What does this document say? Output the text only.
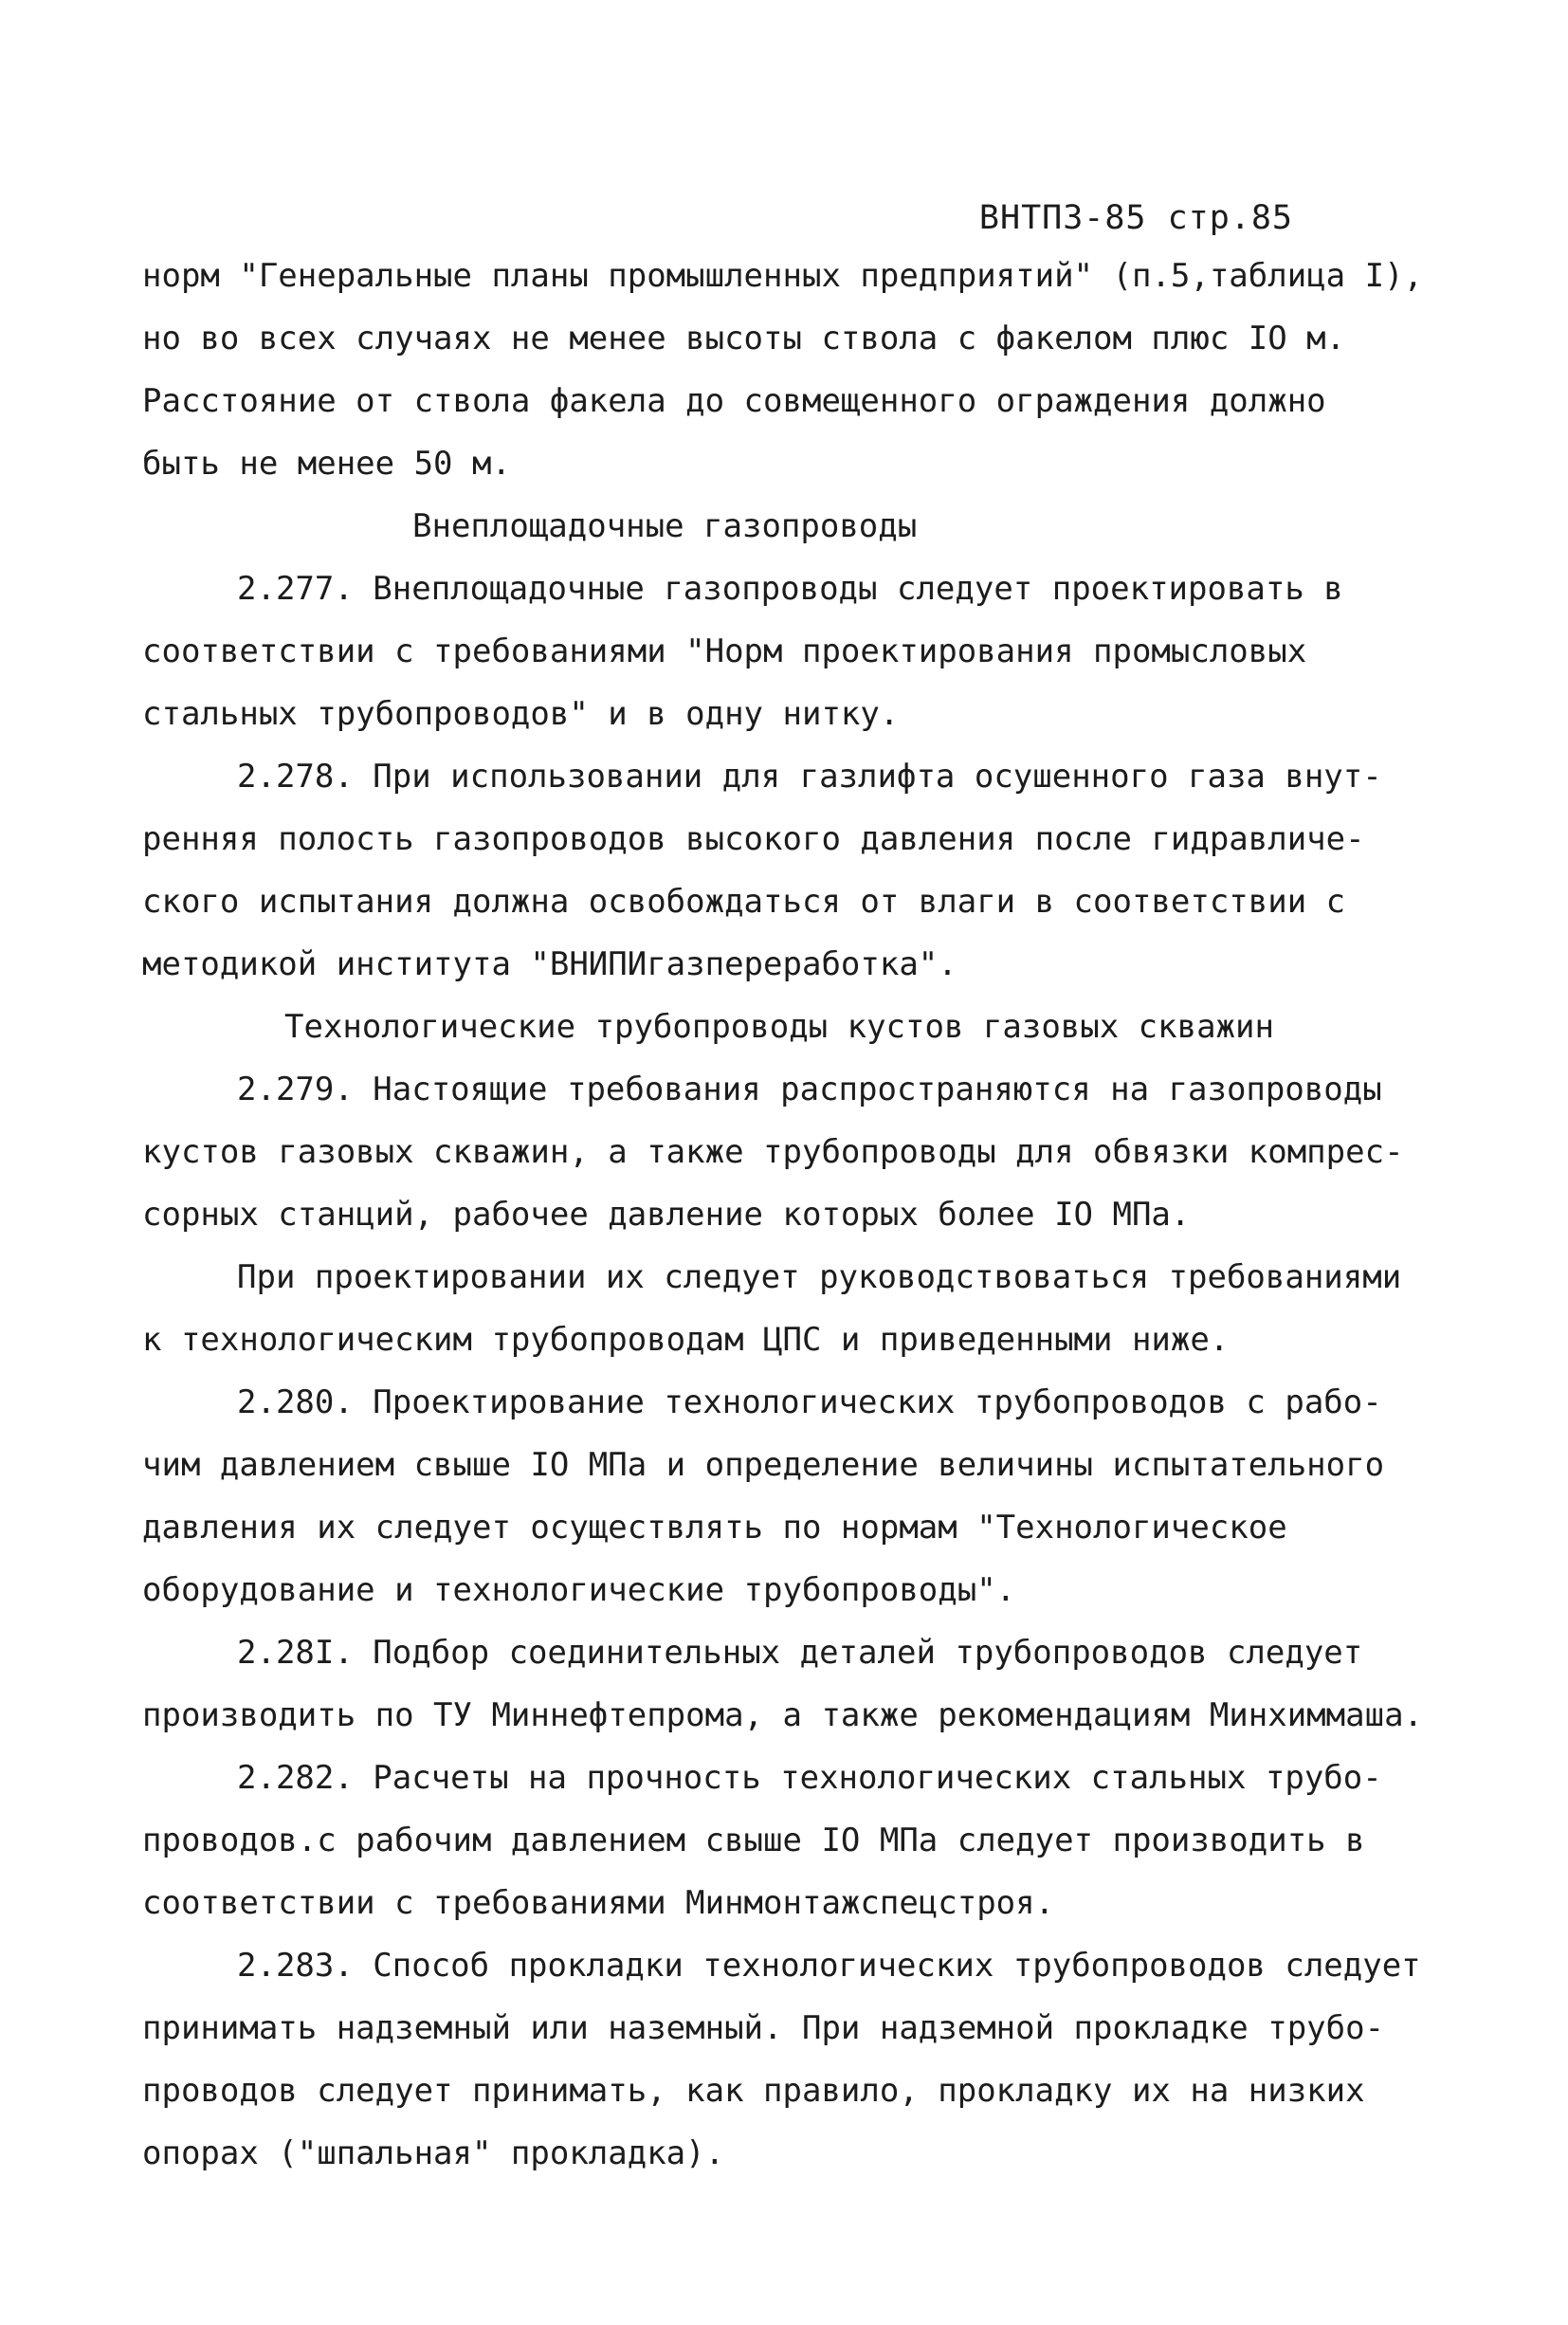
ВНТП3-85 стр.85
норм "Генеральные планы промышленных предприятий" (п.5,таблица I),
но во всех случаях не менее высоты ствола с факелом плюс IO м.
Расстояние от ствола факела до совмещенного ограждения должно
быть не менее 50 м.
Внеплощадочные газопроводы
2.277. Внеплощадочные газопроводы следует проектировать в
соответствии с требованиями "Норм проектирования промысловых
стальных трубопроводов" и в одну нитку.
2.278. При использовании для газлифта осушенного газа внут-
ренняя полость газопроводов высокого давления после гидравличе-
ского испытания должна освобождаться от влаги в соответствии с
методикой института "ВНИПИгазпереработка".
Технологические трубопроводы кустов газовых скважин
2.279. Настоящие требования распространяются на газопроводы
кустов газовых скважин, а также трубопроводы для обвязки компрес-
сорных станций, рабочее давление которых более IO МПа.
При проектировании их следует руководствоваться требованиями
к технологическим трубопроводам ЦПС и приведенными ниже.
2.280. Проектирование технологических трубопроводов с рабо-
чим давлением свыше IO МПа и определение величины испытательного
давления их следует осуществлять по нормам "Технологическое
оборудование и технологические трубопроводы".
2.28I. Подбор соединительных деталей трубопроводов следует
производить по ТУ Миннефтепрома, а также рекомендациям Минхиммаша.
2.282. Расчеты на прочность технологических стальных трубо-
проводов.с рабочим давлением свыше IO МПа следует производить в
соответствии с требованиями Минмонтажспецстроя.
2.283. Способ прокладки технологических трубопроводов следует
принимать надземный или наземный. При надземной прокладке трубо-
проводов следует принимать, как правило, прокладку их на низких
опорах ("шпальная" прокладка).
